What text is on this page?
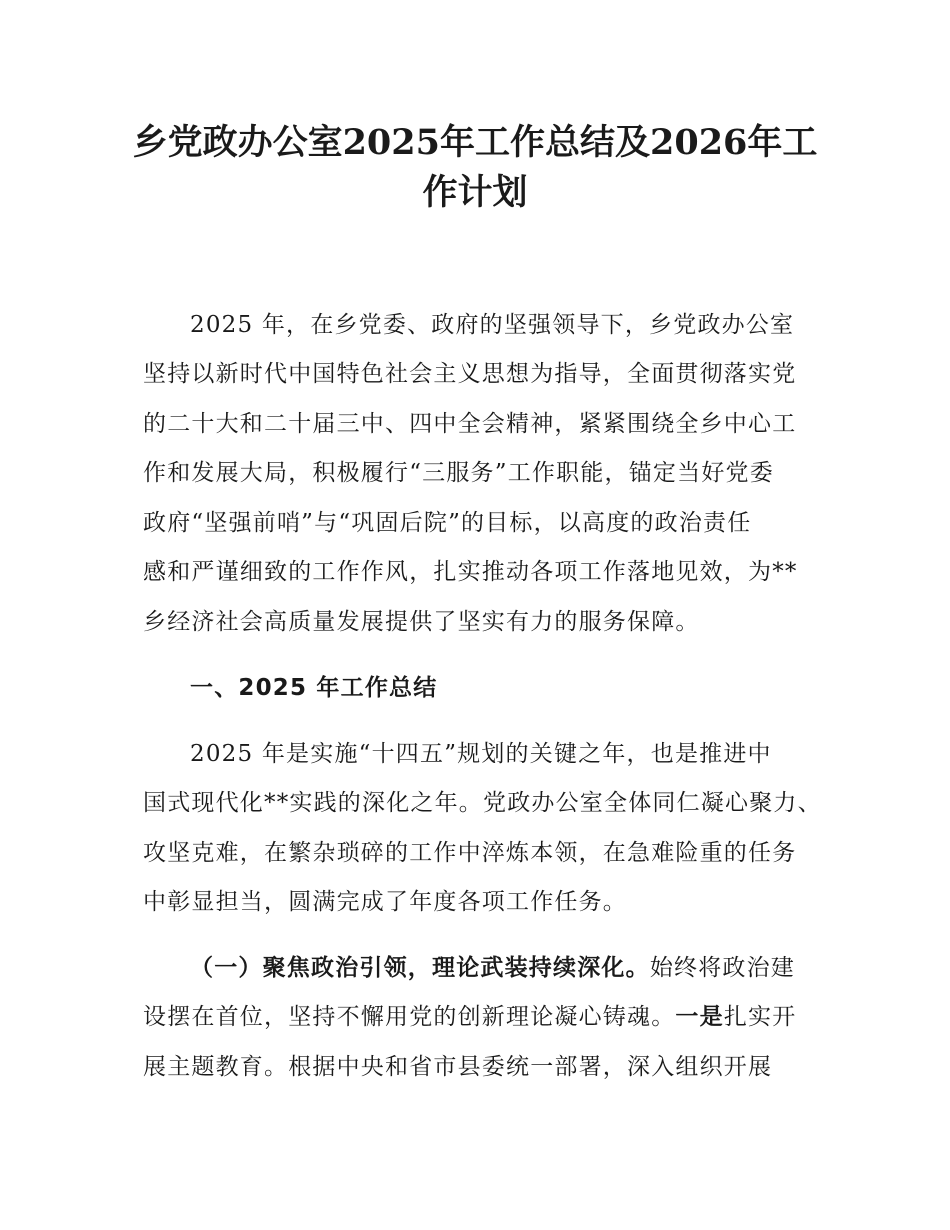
乡党政办公室2025年工作总结及2026年工
作计划
2025 年，在乡党委、政府的坚强领导下，乡党政办公室
坚持以新时代中国特色社会主义思想为指导，全面贯彻落实党
的二十大和二十届三中、四中全会精神，紧紧围绕全乡中心工
作和发展大局，积极履行“三服务”工作职能，锚定当好党委
政府“坚强前哨”与“巩固后院”的目标，以高度的政治责任
感和严谨细致的工作作风，扎实推动各项工作落地见效，为**
乡经济社会高质量发展提供了坚实有力的服务保障。
一、2025 年工作总结
2025 年是实施“十四五”规划的关键之年，也是推进中
国式现代化**实践的深化之年。党政办公室全体同仁凝心聚力、
攻坚克难，在繁杂琐碎的工作中淬炼本领，在急难险重的任务
中彰显担当，圆满完成了年度各项工作任务。
（一）聚焦政治引领，理论武装持续深化。始终将政治建
设摆在首位，坚持不懈用党的创新理论凝心铸魂。一是扎实开
展主题教育。根据中央和省市县委统一部署，深入组织开展
